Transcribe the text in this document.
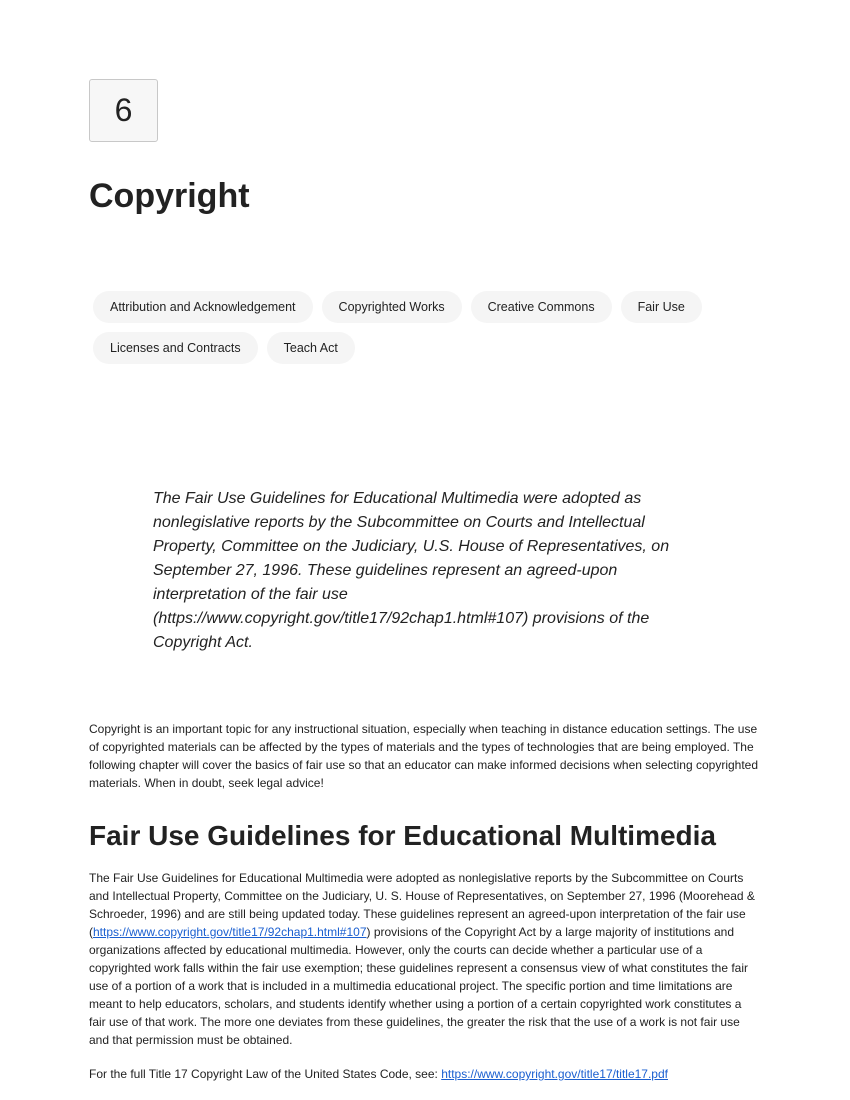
6
Copyright
Attribution and Acknowledgement	Copyrighted Works	Creative Commons	Fair Use
Licenses and Contracts	Teach Act
The Fair Use Guidelines for Educational Multimedia were adopted as nonlegislative reports by the Subcommittee on Courts and Intellectual Property, Committee on the Judiciary, U.S. House of Representatives, on September 27, 1996. These guidelines represent an agreed-upon interpretation of the fair use (https://www.copyright.gov/title17/92chap1.html#107) provisions of the Copyright Act.

Copyright is an important topic for any instructional situation, especially when teaching in distance education settings. The use of copyrighted materials can be affected by the types of materials and the types of technologies that are being employed. The following chapter will cover the basics of fair use so that an educator can make informed decisions when selecting copyrighted materials. When in doubt, seek legal advice!

Fair Use Guidelines for Educational Multimedia

The Fair Use Guidelines for Educational Multimedia were adopted as nonlegislative reports by the Subcommittee on Courts and Intellectual Property, Committee on the Judiciary, U. S. House of Representatives, on September 27, 1996 (Moorehead & Schroeder, 1996) and are still being updated today. These guidelines represent an agreed-upon interpretation of the fair use (https://www.copyright.gov/title17/92chap1.html#107) provisions of the Copyright Act by a large majority of institutions and organizations affected by educational multimedia. However, only the courts can decide whether a particular use of a copyrighted work falls within the fair use exemption; these guidelines represent a consensus view of what constitutes the fair use of a portion of a work that is included in a multimedia educational project. The specific portion and time limitations are meant to help educators, scholars, and students identify whether using a portion of a certain copyrighted work constitutes a fair use of that work. The more one deviates from these guidelines, the greater the risk that the use of a work is not fair use and that permission must be obtained.

For the full Title 17 Copyright Law of the United States Code, see: https://www.copyright.gov/title17/title17.pdf
